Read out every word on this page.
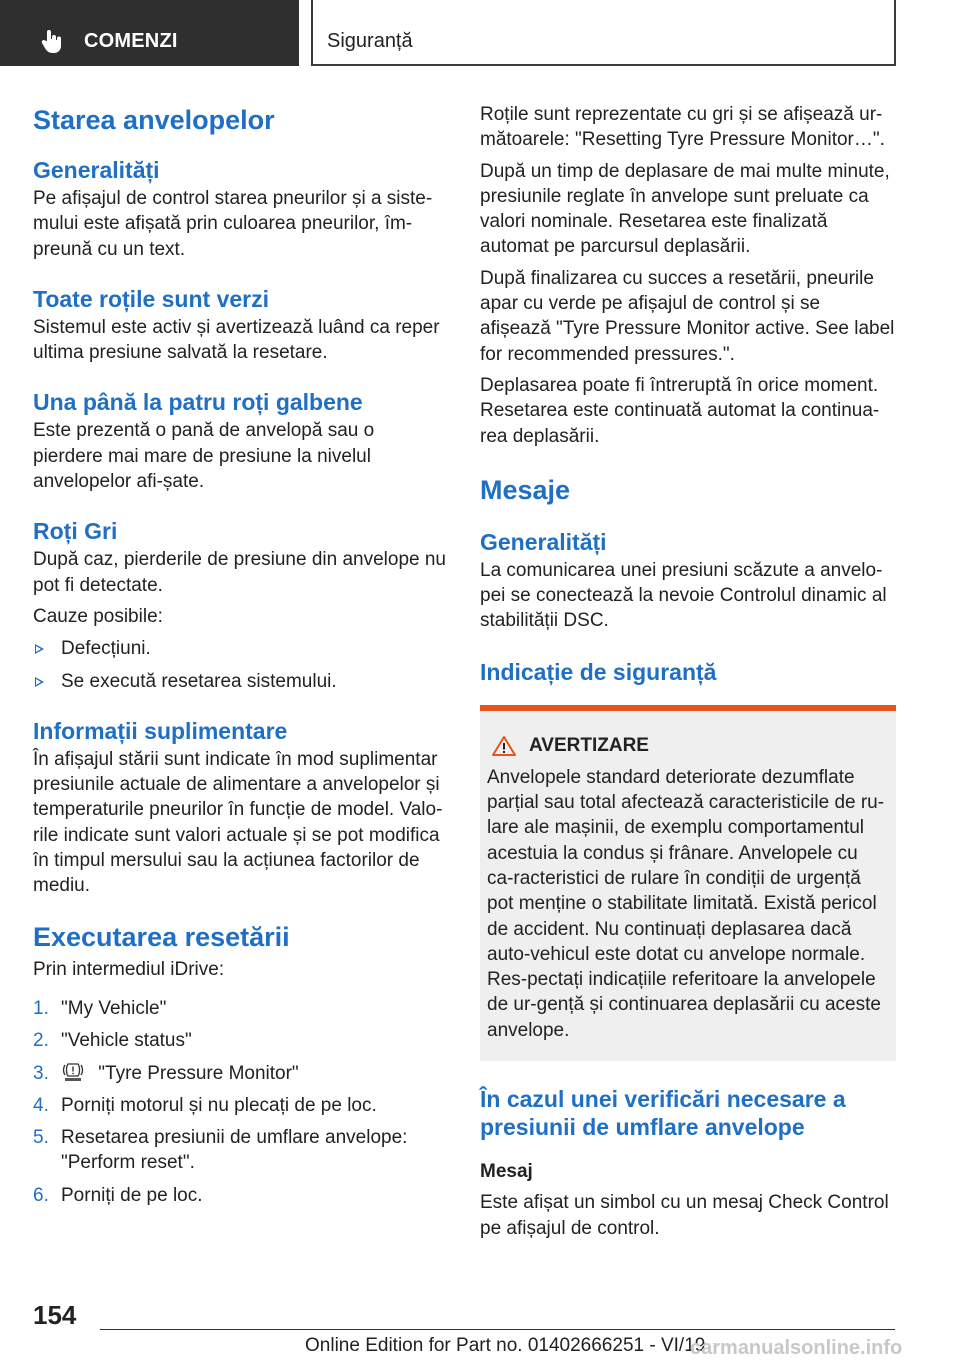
COMENZI	Siguranță
Starea anvelopelor
Generalități
Pe afișajul de control starea pneurilor și a siste-mului este afișată prin culoarea pneurilor, îm-preună cu un text.
Toate roțile sunt verzi
Sistemul este activ și avertizează luând ca reper ultima presiune salvată la resetare.
Una până la patru roți galbene
Este prezentă o pană de anvelopă sau o pierdere mai mare de presiune la nivelul anvelopelor afi-șate.
Roți Gri
După caz, pierderile de presiune din anvelope nu pot fi detectate.
Cauze posibile:
Defecțiuni.
Se execută resetarea sistemului.
Informații suplimentare
În afișajul stării sunt indicate în mod suplimentar presiunile actuale de alimentare a anvelopelor și temperaturile pneurilor în funcție de model. Valo-rile indicate sunt valori actuale și se pot modifica în timpul mersului sau la acțiunea factorilor de mediu.
Executarea resetării
Prin intermediul iDrive:
1. "My Vehicle"
2. "Vehicle status"
3.	"Tyre Pressure Monitor"
4. Porniți motorul și nu plecați de pe loc.
5. Resetarea presiunii de umflare anvelope: "Perform reset".
6. Porniți de pe loc.
Roțile sunt reprezentate cu gri și se afișează ur-mătoarele: "Resetting Tyre Pressure Monitor…".
După un timp de deplasare de mai multe minute, presiunile reglate în anvelope sunt preluate ca valori nominale. Resetarea este finalizată automat pe parcursul deplasării.
După finalizarea cu succes a resetării, pneurile apar cu verde pe afișajul de control și se afișează "Tyre Pressure Monitor active. See label for recommended pressures.".
Deplasarea poate fi întreruptă în orice moment. Resetarea este continuată automat la continua-rea deplasării.
Mesaje
Generalități
La comunicarea unei presiuni scăzute a anvelo-pei se conectează la nevoie Controlul dinamic al stabilității DSC.
Indicație de siguranță
AVERTIZARE
Anvelopele standard deteriorate dezumflate parțial sau total afectează caracteristicile de ru-lare ale mașinii, de exemplu comportamentul acestuia la condus și frânare. Anvelopele cu ca-racteristici de rulare în condiții de urgență pot menține o stabilitate limitată. Există pericol de accident. Nu continuați deplasarea dacă auto-vehicul este dotat cu anvelope normale. Res-pectați indicațiile referitoare la anvelopele de ur-gență și continuarea deplasării cu aceste anvelope.
În cazul unei verificări necesare a presiunii de umflare anvelope
Mesaj
Este afișat un simbol cu un mesaj Check Control pe afișajul de control.
154
Online Edition for Part no. 01402666251 - VI/19
carmanualsonline.info
